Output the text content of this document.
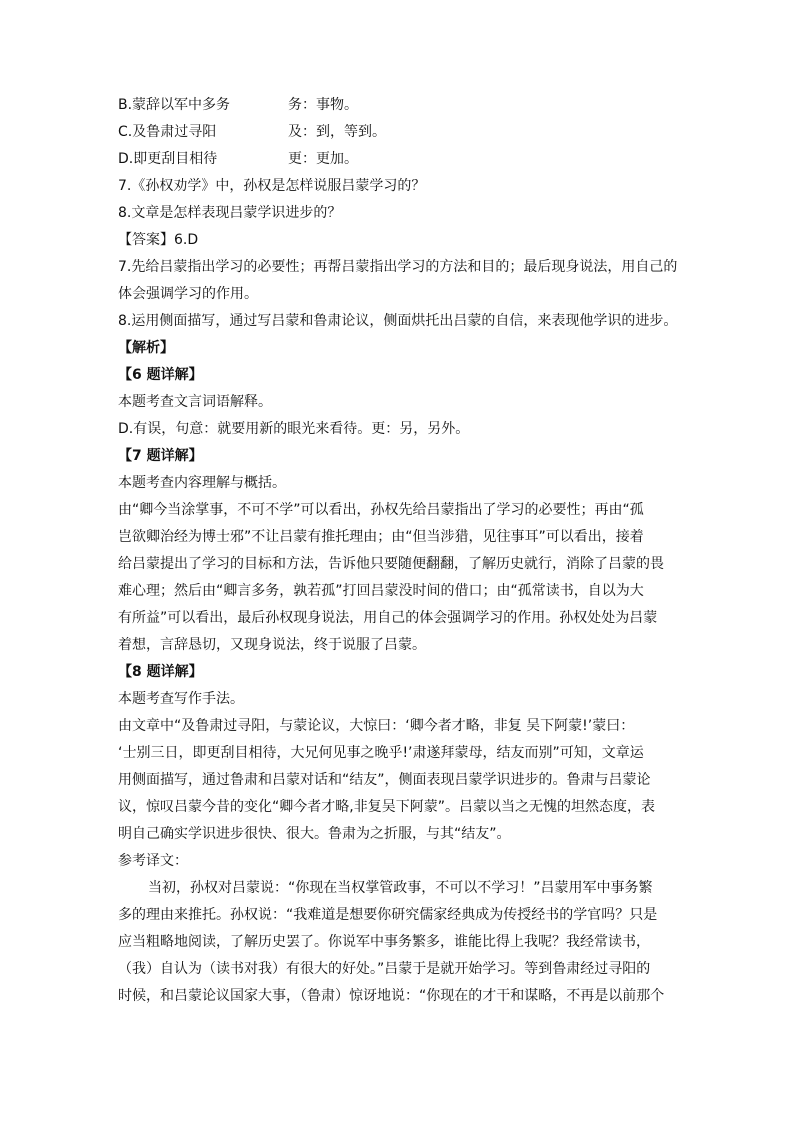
B.蒙辞以军中多务	务：事物。
C.及鲁肃过寻阳	及：到，等到。
D.即更刮目相待	更：更加。
7.《孙权劝学》中，孙权是怎样说服吕蒙学习的？
8.文章是怎样表现吕蒙学识进步的？
【答案】6.D
7.先给吕蒙指出学习的必要性；再帮吕蒙指出学习的方法和目的；最后现身说法，用自己的
体会强调学习的作用。
8.运用侧面描写，通过写吕蒙和鲁肃论议，侧面烘托出吕蒙的自信，来表现他学识的进步。
【解析】
【6 题详解】
本题考查文言词语解释。
D.有误，句意：就要用新的眼光来看待。更：另，另外。
【7 题详解】
本题考查内容理解与概括。
由“卿今当涂掌事，不可不学”可以看出，孙权先给吕蒙指出了学习的必要性；再由“孤
岂欲卿治经为博士邪”不让吕蒙有推托理由；由“但当涉猎，见往事耳”可以看出，接着
给吕蒙提出了学习的目标和方法，告诉他只要随便翻翻，了解历史就行，消除了吕蒙的畏
难心理；然后由“卿言多务，孰若孤”打回吕蒙没时间的借口；由“孤常读书，自以为大
有所益”可以看出，最后孙权现身说法，用自己的体会强调学习的作用。孙权处处为吕蒙
着想，言辞恳切，又现身说法，终于说服了吕蒙。
【8 题详解】
本题考查写作手法。
由文章中“及鲁肃过寻阳，与蒙论议，大惊曰：‘卿今者才略，非复 吴下阿蒙!’蒙曰：
‘士别三日，即更刮目相待，大兄何见事之晚乎!’肃遂拜蒙母，结友而别”可知，文章运
用侧面描写，通过鲁肃和吕蒙对话和“结友”，侧面表现吕蒙学识进步的。鲁肃与吕蒙论
议，惊叹吕蒙今昔的变化“卿今者才略,非复吴下阿蒙”。吕蒙以当之无愧的坦然态度，表
明自己确实学识进步很快、很大。鲁肃为之折服，与其“结友”。
参考译文：
当初，孙权对吕蒙说：“你现在当权掌管政事，不可以不学习！”吕蒙用军中事务繁
多的理由来推托。孙权说：“我难道是想要你研究儒家经典成为传授经书的学官吗？只是
应当粗略地阅读，了解历史罢了。你说军中事务繁多，谁能比得上我呢？我经常读书，
（我）自认为（读书对我）有很大的好处。”吕蒙于是就开始学习。等到鲁肃经过寻阳的
时候，和吕蒙论议国家大事，（鲁肃）惊讶地说：“你现在的才干和谋略，不再是以前那个
